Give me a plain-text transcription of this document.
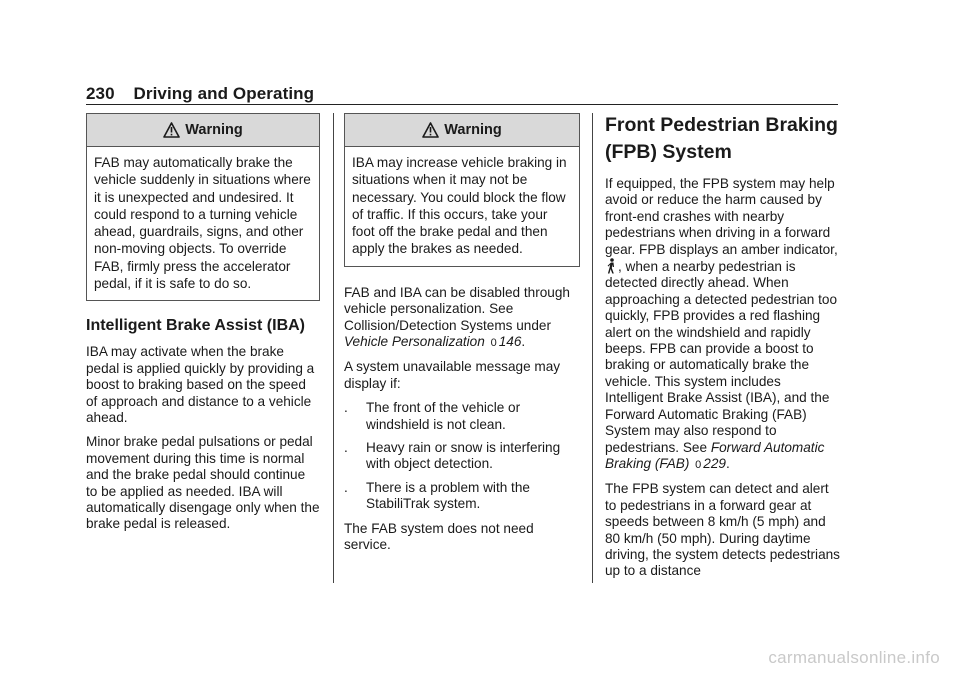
230 Driving and Operating
Warning
FAB may automatically brake the vehicle suddenly in situations where it is unexpected and undesired. It could respond to a turning vehicle ahead, guardrails, signs, and other non-moving objects. To override FAB, firmly press the accelerator pedal, if it is safe to do so.
Intelligent Brake Assist (IBA)

IBA may activate when the brake pedal is applied quickly by providing a boost to braking based on the speed of approach and distance to a vehicle ahead.

Minor brake pedal pulsations or pedal movement during this time is normal and the brake pedal should continue to be applied as needed. IBA will automatically disengage only when the brake pedal is released.

Warning
IBA may increase vehicle braking in situations when it may not be necessary. You could block the flow of traffic. If this occurs, take your foot off the brake pedal and then apply the brakes as needed.

FAB and IBA can be disabled through vehicle personalization. See Collision/Detection Systems under Vehicle Personalization 0 146.

A system unavailable message may display if:

. The front of the vehicle or windshield is not clean.
. Heavy rain or snow is interfering with object detection.
. There is a problem with the StabiliTrak system.

The FAB system does not need service.

Front Pedestrian Braking (FPB) System

If equipped, the FPB system may help avoid or reduce the harm caused by front-end crashes with nearby pedestrians when driving in a forward gear. FPB displays an amber indicator,, when a nearby pedestrian is detected directly ahead. When approaching a detected pedestrian too quickly, FPB provides a red flashing alert on the windshield and rapidly beeps. FPB can provide a boost to braking or automatically brake the vehicle. This system includes Intelligent Brake Assist (IBA), and the Forward Automatic Braking (FAB) System may also respond to pedestrians. See Forward Automatic Braking (FAB) 0 229.

The FPB system can detect and alert to pedestrians in a forward gear at speeds between 8 km/h (5 mph) and 80 km/h (50 mph). During daytime driving, the system detects pedestrians up to a distance

carmanualsonline.info
